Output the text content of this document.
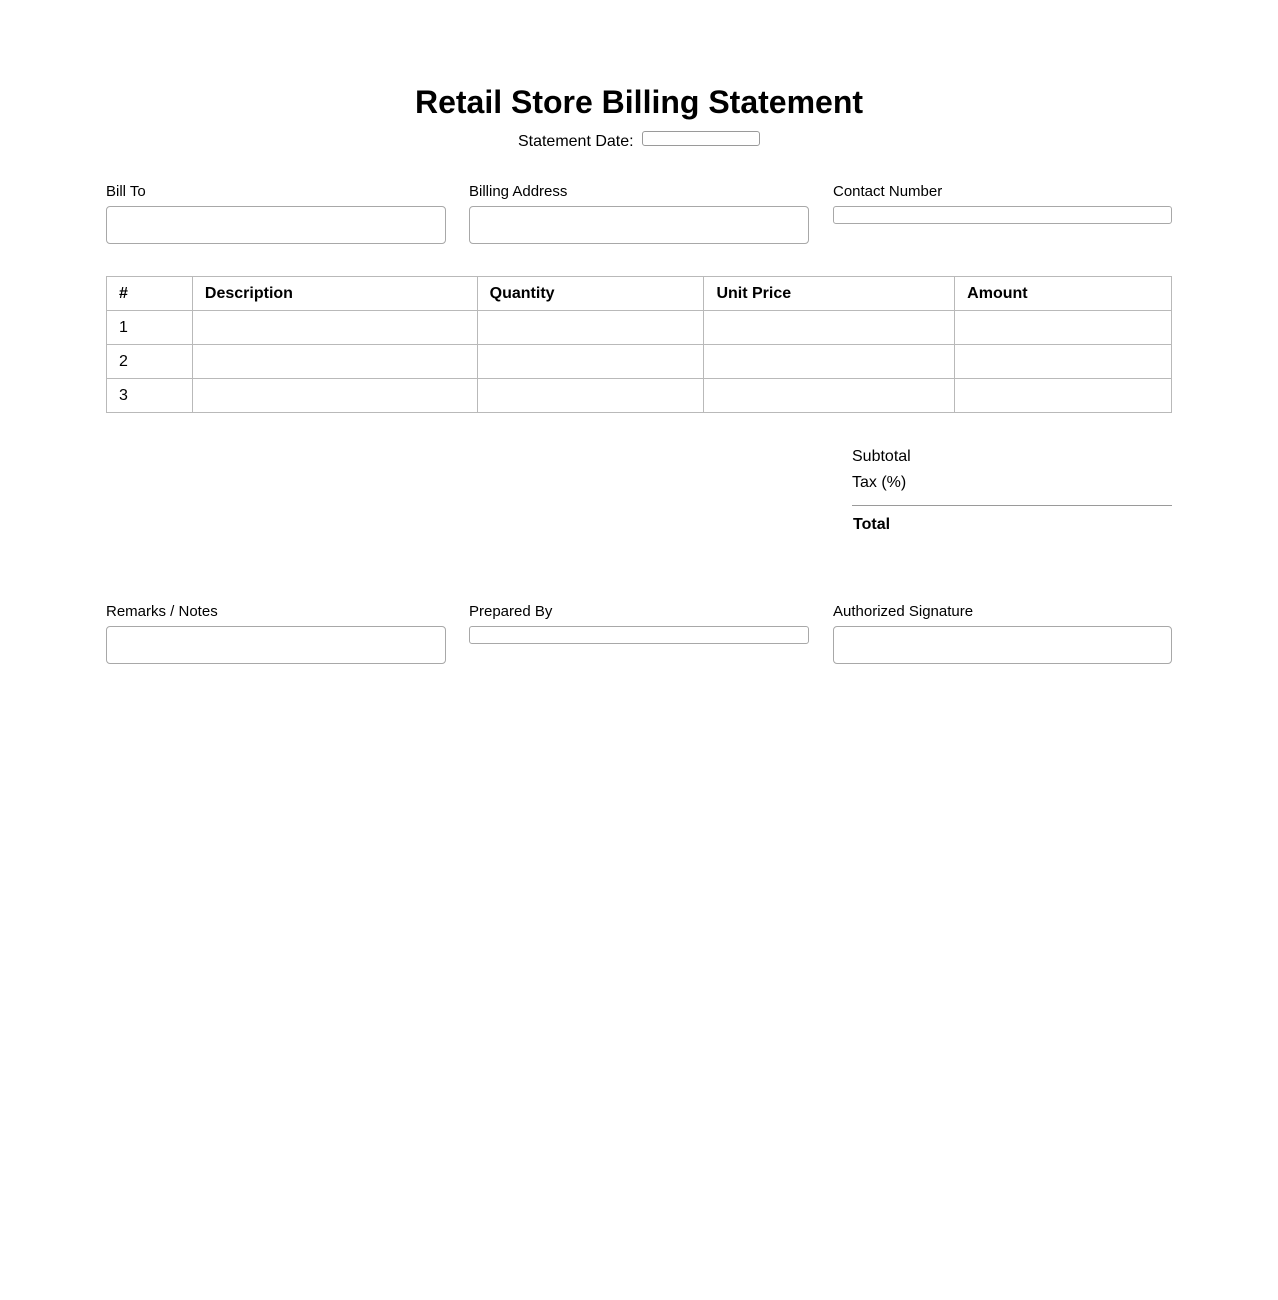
Retail Store Billing Statement
Statement Date:
Bill To	Billing Address	Contact Number
#	Description	Quantity	Unit Price	Amount
1				
2				
3				
Subtotal
Tax (%)
Total
Remarks / Notes	Prepared By	Authorized Signature
